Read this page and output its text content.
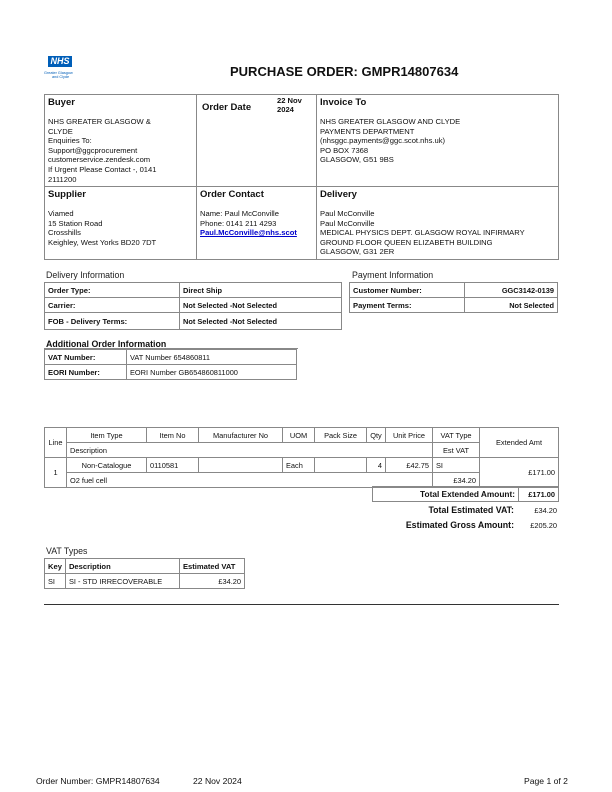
NHS
Greater Glasgow
and Clyde	PURCHASE ORDER: GMPR14807634
Buyer
NHS GREATER GLASGOW &
CLYDE
Enquiries To:
Support@ggcprocurement
customerservice.zendesk.com
If Urgent Please Contact -, 0141
2111200
Order Date
22 Nov
2024
Invoice To
NHS GREATER GLASGOW AND CLYDE
PAYMENTS DEPARTMENT
(nhsggc.payments@ggc.scot.nhs.uk)
PO BOX 7368
GLASGOW, G51 9BS
Supplier
Viamed
15 Station Road
Crosshills
Keighley, West Yorks BD20 7DT
Order Contact
Name: Paul McConville
Phone: 0141 211 4293
Paul.McConville@nhs.scot
Delivery
Paul McConville
Paul McConville
MEDICAL PHYSICS DEPT. GLASGOW ROYAL INFIRMARY
GROUND FLOOR QUEEN ELIZABETH BUILDING
GLASGOW, G31 2ER
Delivery Information
Order Type:	Direct Ship
Carrier:	Not Selected -Not Selected
FOB - Delivery Terms:	Not Selected -Not Selected
Payment Information
Customer Number:	GGC3142-0139
Payment Terms:	Not Selected
Additional Order Information
VAT Number:	VAT Number 654860811
EORI Number:	EORI Number GB654860811000
Line	Item Type	Item No	Manufacturer No	UOM	Pack Size	Qty	Unit Price	VAT Type	Extended Amt
	Description							Est VAT	
1	Non-Catalogue	0110581		Each		4	£42.75	SI	£171.00
	O2 fuel cell							£34.20	
Total Extended Amount:	£171.00
Total Estimated VAT:	£34.20
Estimated Gross Amount:	£205.20
VAT Types
Key	Description	Estimated VAT
SI	SI - STD IRRECOVERABLE	£34.20
Order Number: GMPR14807634	22 Nov 2024	Page 1 of 2
